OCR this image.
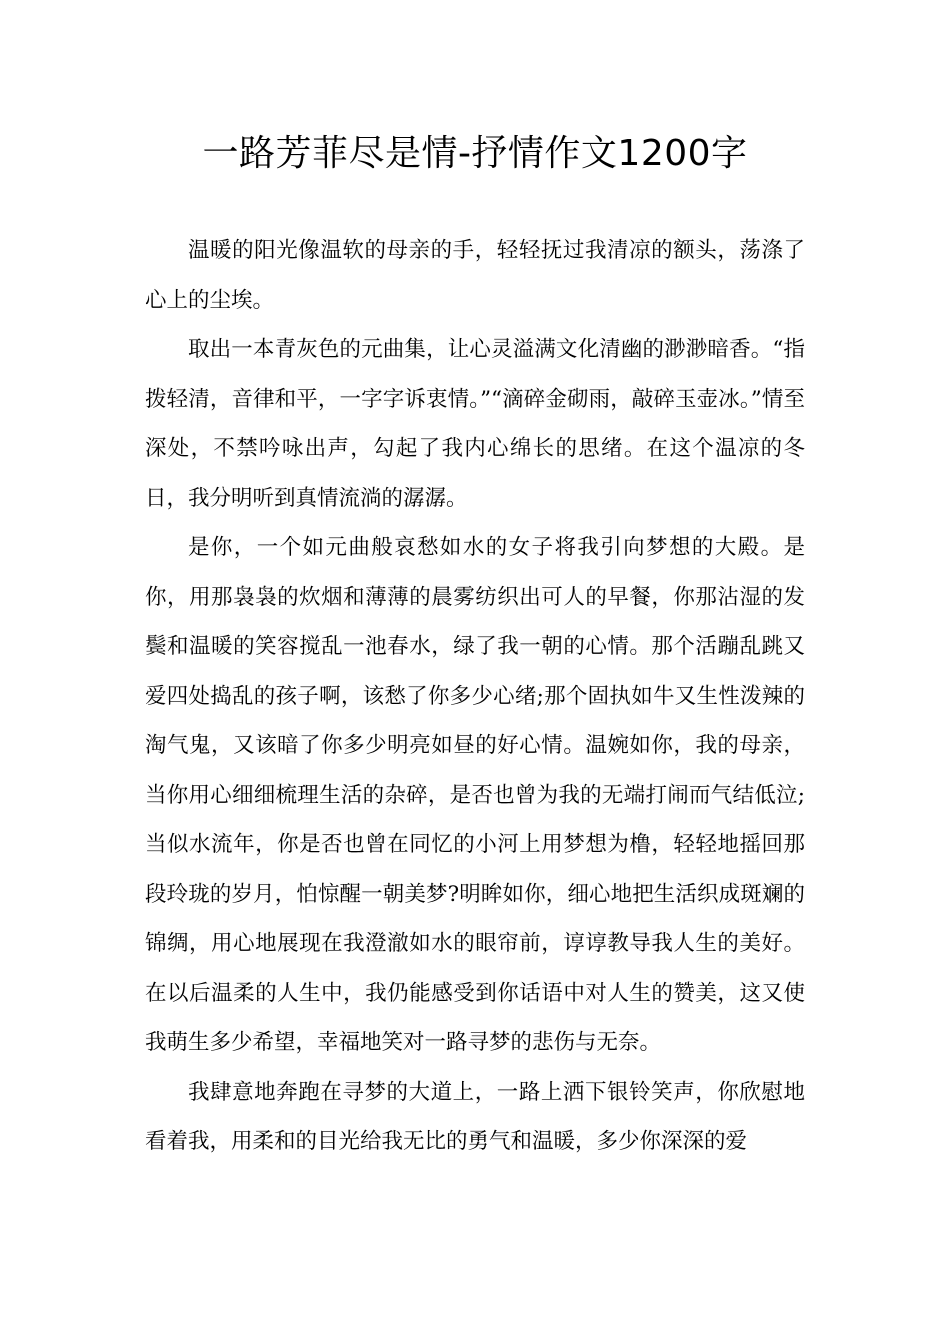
一路芳菲尽是情-抒情作文1200字

温暖的阳光像温软的母亲的手，轻轻抚过我清凉的额头，荡涤了心上的尘埃。

取出一本青灰色的元曲集，让心灵溢满文化清幽的渺渺暗香。“指拨轻清，音律和平，一字字诉衷情。”“滴碎金砌雨，敲碎玉壶冰。”情至深处，不禁吟咏出声，勾起了我内心绵长的思绪。在这个温凉的冬日，我分明听到真情流淌的潺潺。

是你，一个如元曲般哀愁如水的女子将我引向梦想的大殿。是你，用那袅袅的炊烟和薄薄的晨雾纺织出可人的早餐，你那沾湿的发鬓和温暖的笑容搅乱一池春水，绿了我一朝的心情。那个活蹦乱跳又爱四处捣乱的孩子啊，该愁了你多少心绪;那个固执如牛又生性泼辣的淘气鬼，又该暗了你多少明亮如昼的好心情。温婉如你，我的母亲，当你用心细细梳理生活的杂碎，是否也曾为我的无端打闹而气结低泣;当似水流年，你是否也曾在同忆的小河上用梦想为橹，轻轻地摇回那段玲珑的岁月，怕惊醒一朝美梦?明眸如你，细心地把生活织成斑斓的锦绸，用心地展现在我澄澈如水的眼帘前，谆谆教导我人生的美好。在以后温柔的人生中，我仍能感受到你话语中对人生的赞美，这又使我萌生多少希望，幸福地笑对一路寻梦的悲伤与无奈。

我肆意地奔跑在寻梦的大道上，一路上洒下银铃笑声，你欣慰地看着我，用柔和的目光给我无比的勇气和温暖，多少你深深的爱
